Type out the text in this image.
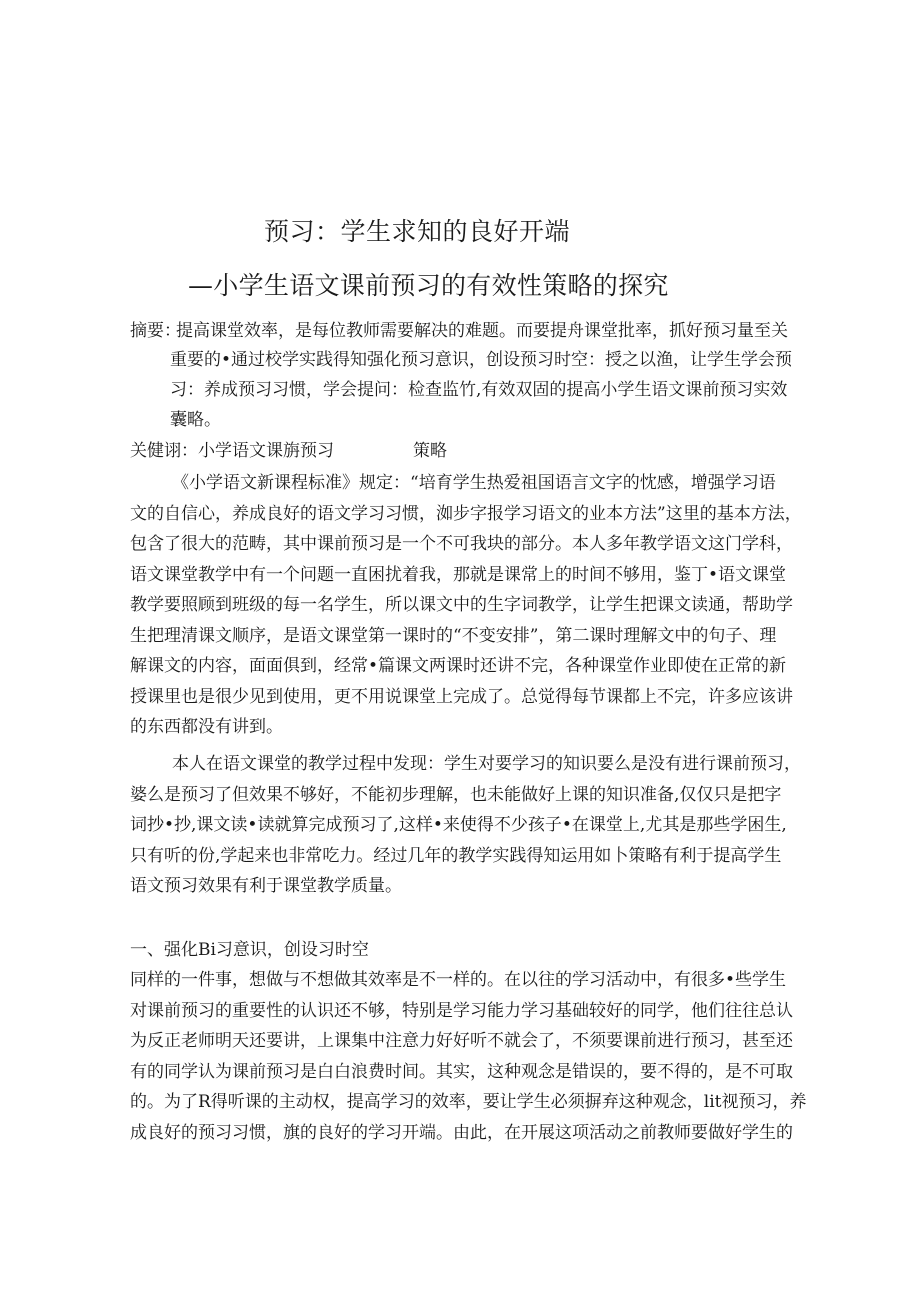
预习：学生求知的良好开端
—小学生语文课前预习的有效性策略的探究
摘要：
提高课堂效率，是每位教师需要解决的难题。而要提舟课堂批率，抓好预习量至关
重要的•通过校学实践得知强化预习意识，创设预习时空：授之以渔，让学生学会预
习：养成预习习惯，学会提问：检查监竹,有效双固的提高小学生语文课前预习实效
囊略。
关健诩： 小学语文课旃预习	策略
《小学语文新课程标准》规定：“培育学生热爱祖国语言文字的忱感，增强学习语
文的自信心，养成良好的语文学习习惯，洳步字报学习语文的业本方法”这里的基本方法，
包含了很大的范畴，其中课前预习是一个不可我块的部分。本人多年教学语文这门学科，
语文课堂教学中有一个问题一直困扰着我，那就是课常上的时间不够用，鉴丁•语文课堂
教学要照顾到班级的每一名学生，所以课文中的生字词教学，让学生把课文读通，帮助学
生把理清课文顺序，是语文课堂第一课时的“不变安排”，第二课时理解文中的句子、理
解课文的内容，面面俱到，经常•篇课文两课时还讲不完，各种课堂作业即使在正常的新
授课里也是很少见到使用，更不用说课堂上完成了。总觉得每节课都上不完，许多应该讲
的东西都没有讲到。
本人在语文课堂的教学过程中发现：学生对要学习的知识要么是没有进行课前预习，
婆么是预习了但效果不够好，不能初步理解，也未能做好上课的知识准备,仅仅只是把字
词抄•抄,课文读•读就算完成预习了,这样•来使得不少孩子•在课堂上,尤其是那些学困生,
只有听的份,学起来也非常吃力。经过几年的教学实践得知运用如卜策略有利于提高学生
语文预习效果有利于课堂教学质量。
一、强化Bi习意识，创设习时空
同样的一件事，想做与不想做其效率是不一样的。在以往的学习活动中，有很多•些学生
对课前预习的重要性的认识还不够，特别是学习能力学习基础较好的同学，他们往往总认
为反正老师明天还要讲，上课集中注意力好好听不就会了，不须要课前进行预习，甚至还
有的同学认为课前预习是白白浪费时间。其实，这种观念是错误的，要不得的，是不可取
的。为了R得听课的主动权，提高学习的效率，要让学生必须摒弃这种观念，lit视预习，养
成良好的预习习惯，旗的良好的学习开端。由此，在开展这项活动之前教师要做好学生的
